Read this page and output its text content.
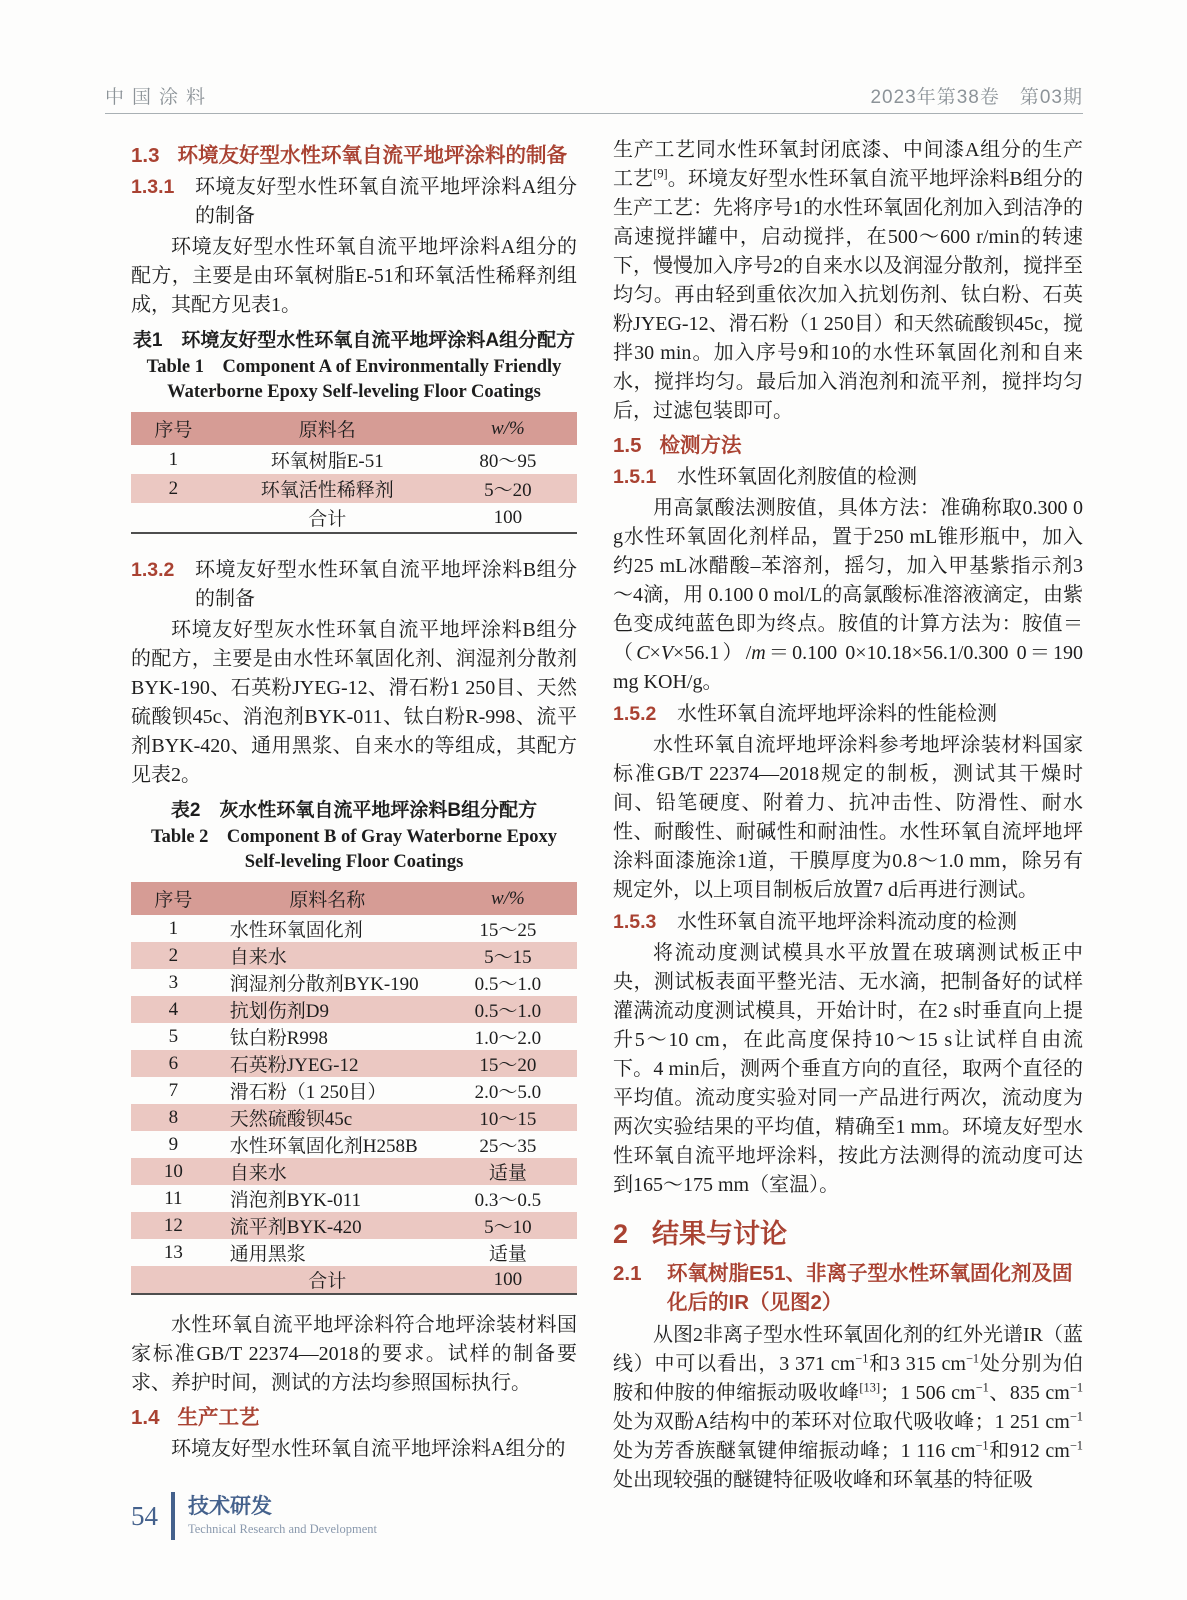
中国涂料	2023年第38卷　第03期
1.3 环境友好型水性环氧自流平地坪涂料的制备
1.3.1 环境友好型水性环氧自流平地坪涂料A组分的制备

环境友好型水性环氧自流平地坪涂料A组分的配方，主要是由环氧树脂E-51和环氧活性稀释剂组成，其配方见表1。

表1　环境友好型水性环氧自流平地坪涂料A组分配方
Table 1　Component A of Environmentally Friendly Waterborne Epoxy Self-leveling Floor Coatings
序号	原料名	w/%
1	环氧树脂E-51	80～95
2	环氧活性稀释剂	5～20
	合计	100
1.3.2 环境友好型水性环氧自流平地坪涂料B组分的制备

环境友好型灰水性环氧自流平地坪涂料B组分的配方，主要是由水性环氧固化剂、润湿剂分散剂BYK-190、石英粉JYEG-12、滑石粉1 250目、天然硫酸钡45c、消泡剂BYK-011、钛白粉R-998、流平剂BYK-420、通用黑浆、自来水的等组成，其配方见表2。

表2　灰水性环氧自流平地坪涂料B组分配方
Table 2　Component B of Gray Waterborne Epoxy Self-leveling Floor Coatings
序号	原料名称	w/%
1	水性环氧固化剂	15～25
2	自来水	5～15
3	润湿剂分散剂BYK-190	0.5～1.0
4	抗划伤剂D9	0.5～1.0
5	钛白粉R998	1.0～2.0
6	石英粉JYEG-12	15～20
7	滑石粉（1 250目）	2.0～5.0
8	天然硫酸钡45c	10～15
9	水性环氧固化剂H258B	25～35
10	自来水	适量
11	消泡剂BYK-011	0.3～0.5
12	流平剂BYK-420	5～10
13	通用黑浆	适量
	合计	100

水性环氧自流平地坪涂料符合地坪涂装材料国家标准GB/T 22374—2018的要求。试样的制备要求、养护时间，测试的方法均参照国标执行。

1.4 生产工艺

环境友好型水性环氧自流平地坪涂料A组分的

生产工艺同水性环氧封闭底漆、中间漆A组分的生产工艺[9]。环境友好型水性环氧自流平地坪涂料B组分的生产工艺：先将序号1的水性环氧固化剂加入到洁净的高速搅拌罐中，启动搅拌，在500～600 r/min的转速下，慢慢加入序号2的自来水以及润湿分散剂，搅拌至均匀。再由轻到重依次加入抗划伤剂、钛白粉、石英粉JYEG-12、滑石粉（1 250目）和天然硫酸钡45c，搅拌30 min。加入序号9和10的水性环氧固化剂和自来水，搅拌均匀。最后加入消泡剂和流平剂，搅拌均匀后，过滤包装即可。

1.5 检测方法
1.5.1 水性环氧固化剂胺值的检测

用高氯酸法测胺值，具体方法：准确称取0.300 0 g水性环氧固化剂样品，置于250 mL锥形瓶中，加入约25 mL冰醋酸–苯溶剂，摇匀，加入甲基紫指示剂3～4滴，用 0.100 0 mol/L的高氯酸标准溶液滴定，由紫色变成纯蓝色即为终点。胺值的计算方法为：胺值＝（C×V×56.1）/m＝0.100 0×10.18×56.1/0.300 0＝190 mg KOH/g。

1.5.2 水性环氧自流坪地坪涂料的性能检测

水性环氧自流坪地坪涂料参考地坪涂装材料国家标准GB/T 22374—2018规定的制板，测试其干燥时间、铅笔硬度、附着力、抗冲击性、防滑性、耐水性、耐酸性、耐碱性和耐油性。水性环氧自流坪地坪涂料面漆施涂1道，干膜厚度为0.8～1.0 mm，除另有规定外，以上项目制板后放置7 d后再进行测试。

1.5.3 水性环氧自流平地坪涂料流动度的检测

将流动度测试模具水平放置在玻璃测试板正中央，测试板表面平整光洁、无水滴，把制备好的试样灌满流动度测试模具，开始计时，在2 s时垂直向上提升5～10 cm，在此高度保持10～15 s让试样自由流下。4 min后，测两个垂直方向的直径，取两个直径的平均值。流动度实验对同一产品进行两次，流动度为两次实验结果的平均值，精确至1 mm。环境友好型水性环氧自流平地坪涂料，按此方法测得的流动度可达到165～175 mm（室温）。

2 结果与讨论
2.1 环氧树脂E51、非离子型水性环氧固化剂及固化后的IR（见图2）

从图2非离子型水性环氧固化剂的红外光谱IR（蓝线）中可以看出，3 371 $cm^{-1}$和3 315 $cm^{-1}$处分别为伯胺和仲胺的伸缩振动吸收峰[13]；1 506 $cm^{-1}$、835 $cm^{-1}$处为双酚A结构中的苯环对位取代吸收峰；1 251 $cm^{-1}$处为芳香族醚氧键伸缩振动峰；1 116 $cm^{-1}$和912 $cm^{-1}$处出现较强的醚键特征吸收峰和环氧基的特征吸

54 技术研发
Technical Research and Development
